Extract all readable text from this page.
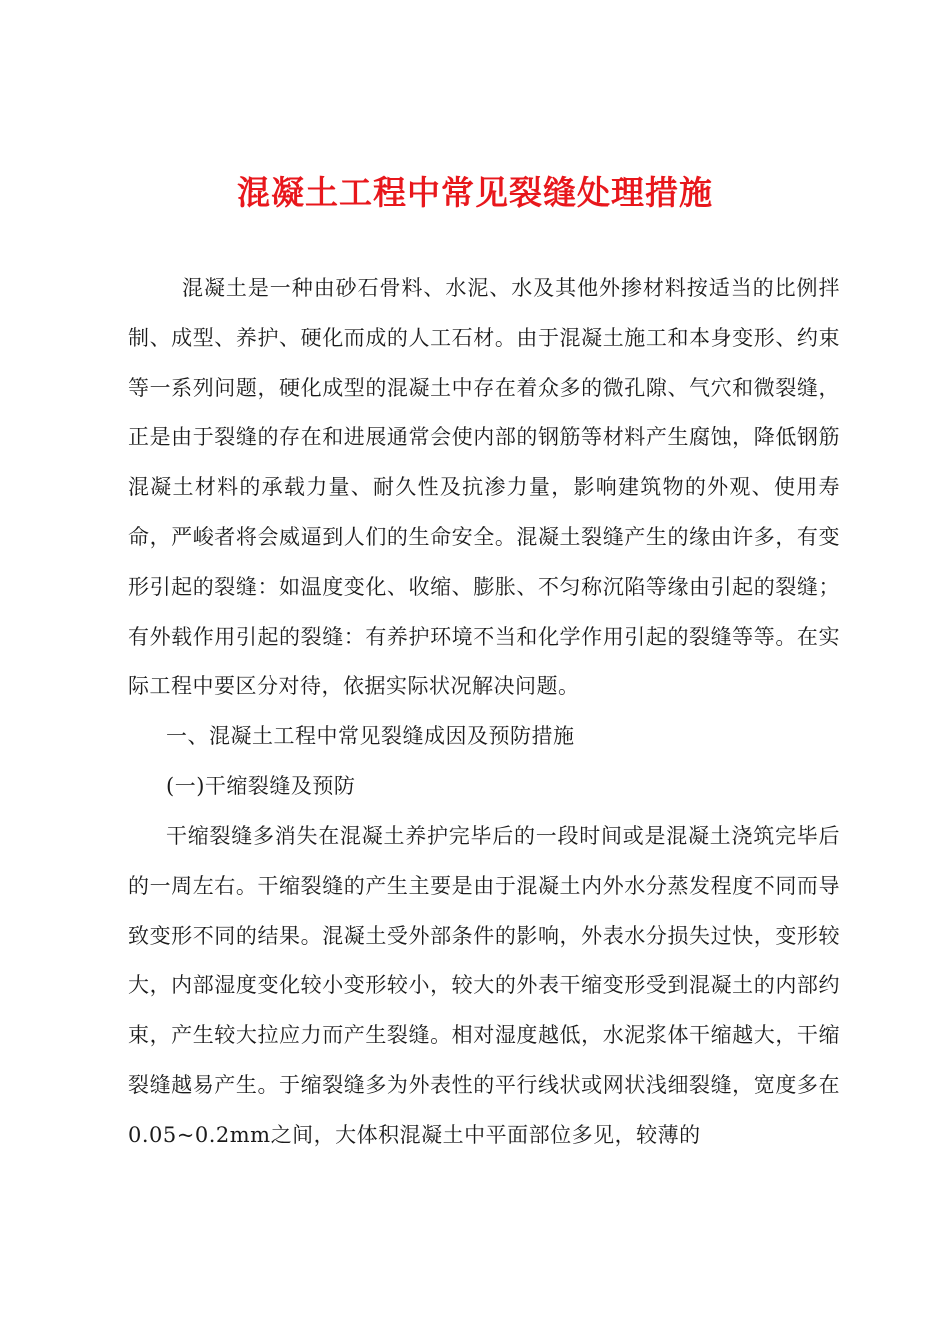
混凝土工程中常见裂缝处理措施

混凝土是一种由砂石骨料、水泥、水及其他外掺材料按适当的比例拌制、成型、养护、硬化而成的人工石材。由于混凝土施工和本身变形、约束等一系列问题，硬化成型的混凝土中存在着众多的微孔隙、气穴和微裂缝，正是由于裂缝的存在和进展通常会使内部的钢筋等材料产生腐蚀，降低钢筋混凝土材料的承载力量、耐久性及抗渗力量，影响建筑物的外观、使用寿命，严峻者将会威逼到人们的生命安全。混凝土裂缝产生的缘由许多，有变形引起的裂缝：如温度变化、收缩、膨胀、不匀称沉陷等缘由引起的裂缝；有外载作用引起的裂缝：有养护环境不当和化学作用引起的裂缝等等。在实际工程中要区分对待，依据实际状况解决问题。

一、混凝土工程中常见裂缝成因及预防措施

(一)干缩裂缝及预防

干缩裂缝多消失在混凝土养护完毕后的一段时间或是混凝土浇筑完毕后的一周左右。干缩裂缝的产生主要是由于混凝土内外水分蒸发程度不同而导致变形不同的结果。混凝土受外部条件的影响，外表水分损失过快，变形较大，内部湿度变化较小变形较小，较大的外表干缩变形受到混凝土的内部约束，产生较大拉应力而产生裂缝。相对湿度越低，水泥浆体干缩越大，干缩裂缝越易产生。于缩裂缝多为外表性的平行线状或网状浅细裂缝，宽度多在0.05~0.2mm之间，大体积混凝土中平面部位多见，较薄的
